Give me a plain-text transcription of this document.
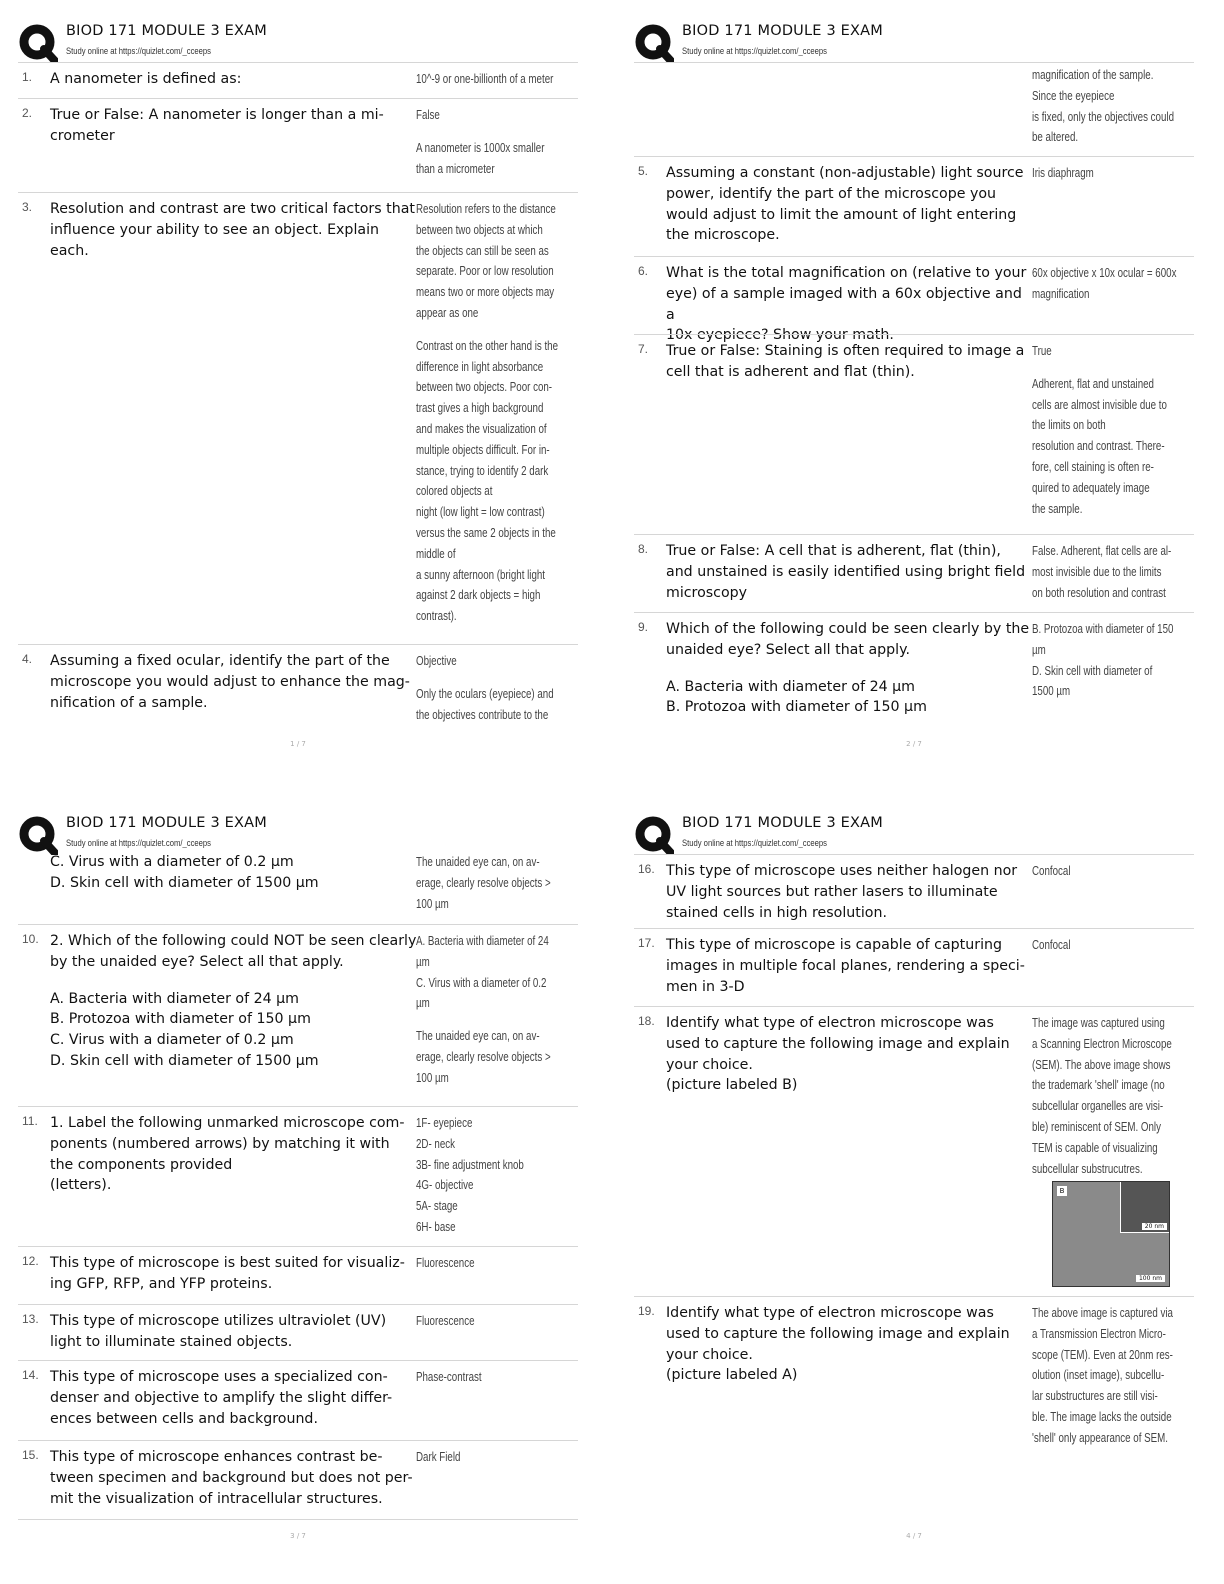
BIOD 171 MODULE 3 EXAM
Study online at https://quizlet.com/_cceeps
1. A nanometer is defined as:	10^-9 or one-billionth of a meter

2. True or False: A nanometer is longer than a mi-

crometer

False

A nanometer is 1000x smaller

than a micrometer

3. Resolution and contrast are two critical factors that

influence your ability to see an object. Explain each.

Resolution refers to the distance

between two objects at which

the objects can still be seen as

separate. Poor or low resolution

means two or more objects may

appear as one

Contrast on the other hand is the

difference in light absorbance

between two objects. Poor con-

trast gives a high background

and makes the visualization of

multiple objects difficult. For in-

stance, trying to identify 2 dark

colored objects at

night (low light = low contrast)

versus the same 2 objects in the

middle of

a sunny afternoon (bright light

against 2 dark objects = high

contrast).

4. Assuming a fixed ocular, identify the part of the

microscope you would adjust to enhance the mag-

nification of a sample.

Objective

Only the oculars (eyepiece) and

the objectives contribute to the

1 / 7
BIOD 171 MODULE 3 EXAM
Study online at https://quizlet.com/_cceeps

magnification of the sample.

Since the eyepiece

is fixed, only the objectives could

be altered.

5. Assuming a constant (non-adjustable) light source

power, identify the part of the microscope you

would adjust to limit the amount of light entering

the microscope.

Iris diaphragm

6. What is the total magnification on (relative to your

eye) of a sample imaged with a 60x objective and a

10x eyepiece? Show your math.

60x objective x 10x ocular = 600x

magnification

7. True or False: Staining is often required to image a

cell that is adherent and flat (thin).

True

Adherent, flat and unstained

cells are almost invisible due to

the limits on both

resolution and contrast. There-

fore, cell staining is often re-

quired to adequately image

the sample.

8. True or False: A cell that is adherent, flat (thin),

and unstained is easily identified using bright field

microscopy

False. Adherent, flat cells are al-

most invisible due to the limits

on both resolution and contrast

9. Which of the following could be seen clearly by the

unaided eye? Select all that apply.

A. Bacteria with diameter of 24 µm

B. Protozoa with diameter of 150 µm

B. Protozoa with diameter of 150

µm

D. Skin cell with diameter of

1500 µm

2 / 7
BIOD 171 MODULE 3 EXAM
Study online at https://quizlet.com/_cceeps

C. Virus with a diameter of 0.2 µm

D. Skin cell with diameter of 1500 µm

The unaided eye can, on av-

erage, clearly resolve objects >

100 µm

10. 2. Which of the following could NOT be seen clearly

by the unaided eye? Select all that apply.

A. Bacteria with diameter of 24 µm

B. Protozoa with diameter of 150 µm

C. Virus with a diameter of 0.2 µm

D. Skin cell with diameter of 1500 µm

A. Bacteria with diameter of 24

µm

C. Virus with a diameter of 0.2

µm

The unaided eye can, on av-

erage, clearly resolve objects >

100 µm

11. 1. Label the following unmarked microscope com-

ponents (numbered arrows) by matching it with

the components provided

(letters).

1F- eyepiece

2D- neck

3B- fine adjustment knob

4G- objective

5A- stage

6H- base

12. This type of microscope is best suited for visualiz-

ing GFP, RFP, and YFP proteins.

Fluorescence

13. This type of microscope utilizes ultraviolet (UV)

light to illuminate stained objects.

Fluorescence

14. This type of microscope uses a specialized con-

denser and objective to amplify the slight differ-

ences between cells and background.

Phase-contrast

15. This type of microscope enhances contrast be-

tween specimen and background but does not per-

mit the visualization of intracellular structures.

Dark Field

3 / 7
BIOD 171 MODULE 3 EXAM
Study online at https://quizlet.com/_cceeps
16. This type of microscope uses neither halogen nor

UV light sources but rather lasers to illuminate

stained cells in high resolution.

Confocal

17. This type of microscope is capable of capturing

images in multiple focal planes, rendering a speci-

men in 3-D

Confocal

18. Identify what type of electron microscope was

used to capture the following image and explain

your choice.

(picture labeled B)

The image was captured using

a Scanning Electron Microscope

(SEM). The above image shows

the trademark 'shell' image (no

subcellular organelles are visi-

ble) reminiscent of SEM. Only

TEM is capable of visualizing

subcellular substrucutres.

B
20 nm
100 nm
19. Identify what type of electron microscope was

used to capture the following image and explain

your choice.

(picture labeled A)

The above image is captured via

a Transmission Electron Micro-

scope (TEM). Even at 20nm res-

olution (inset image), subcellu-

lar substructures are still visi-

ble. The image lacks the outside

'shell' only appearance of SEM.

4 / 7
